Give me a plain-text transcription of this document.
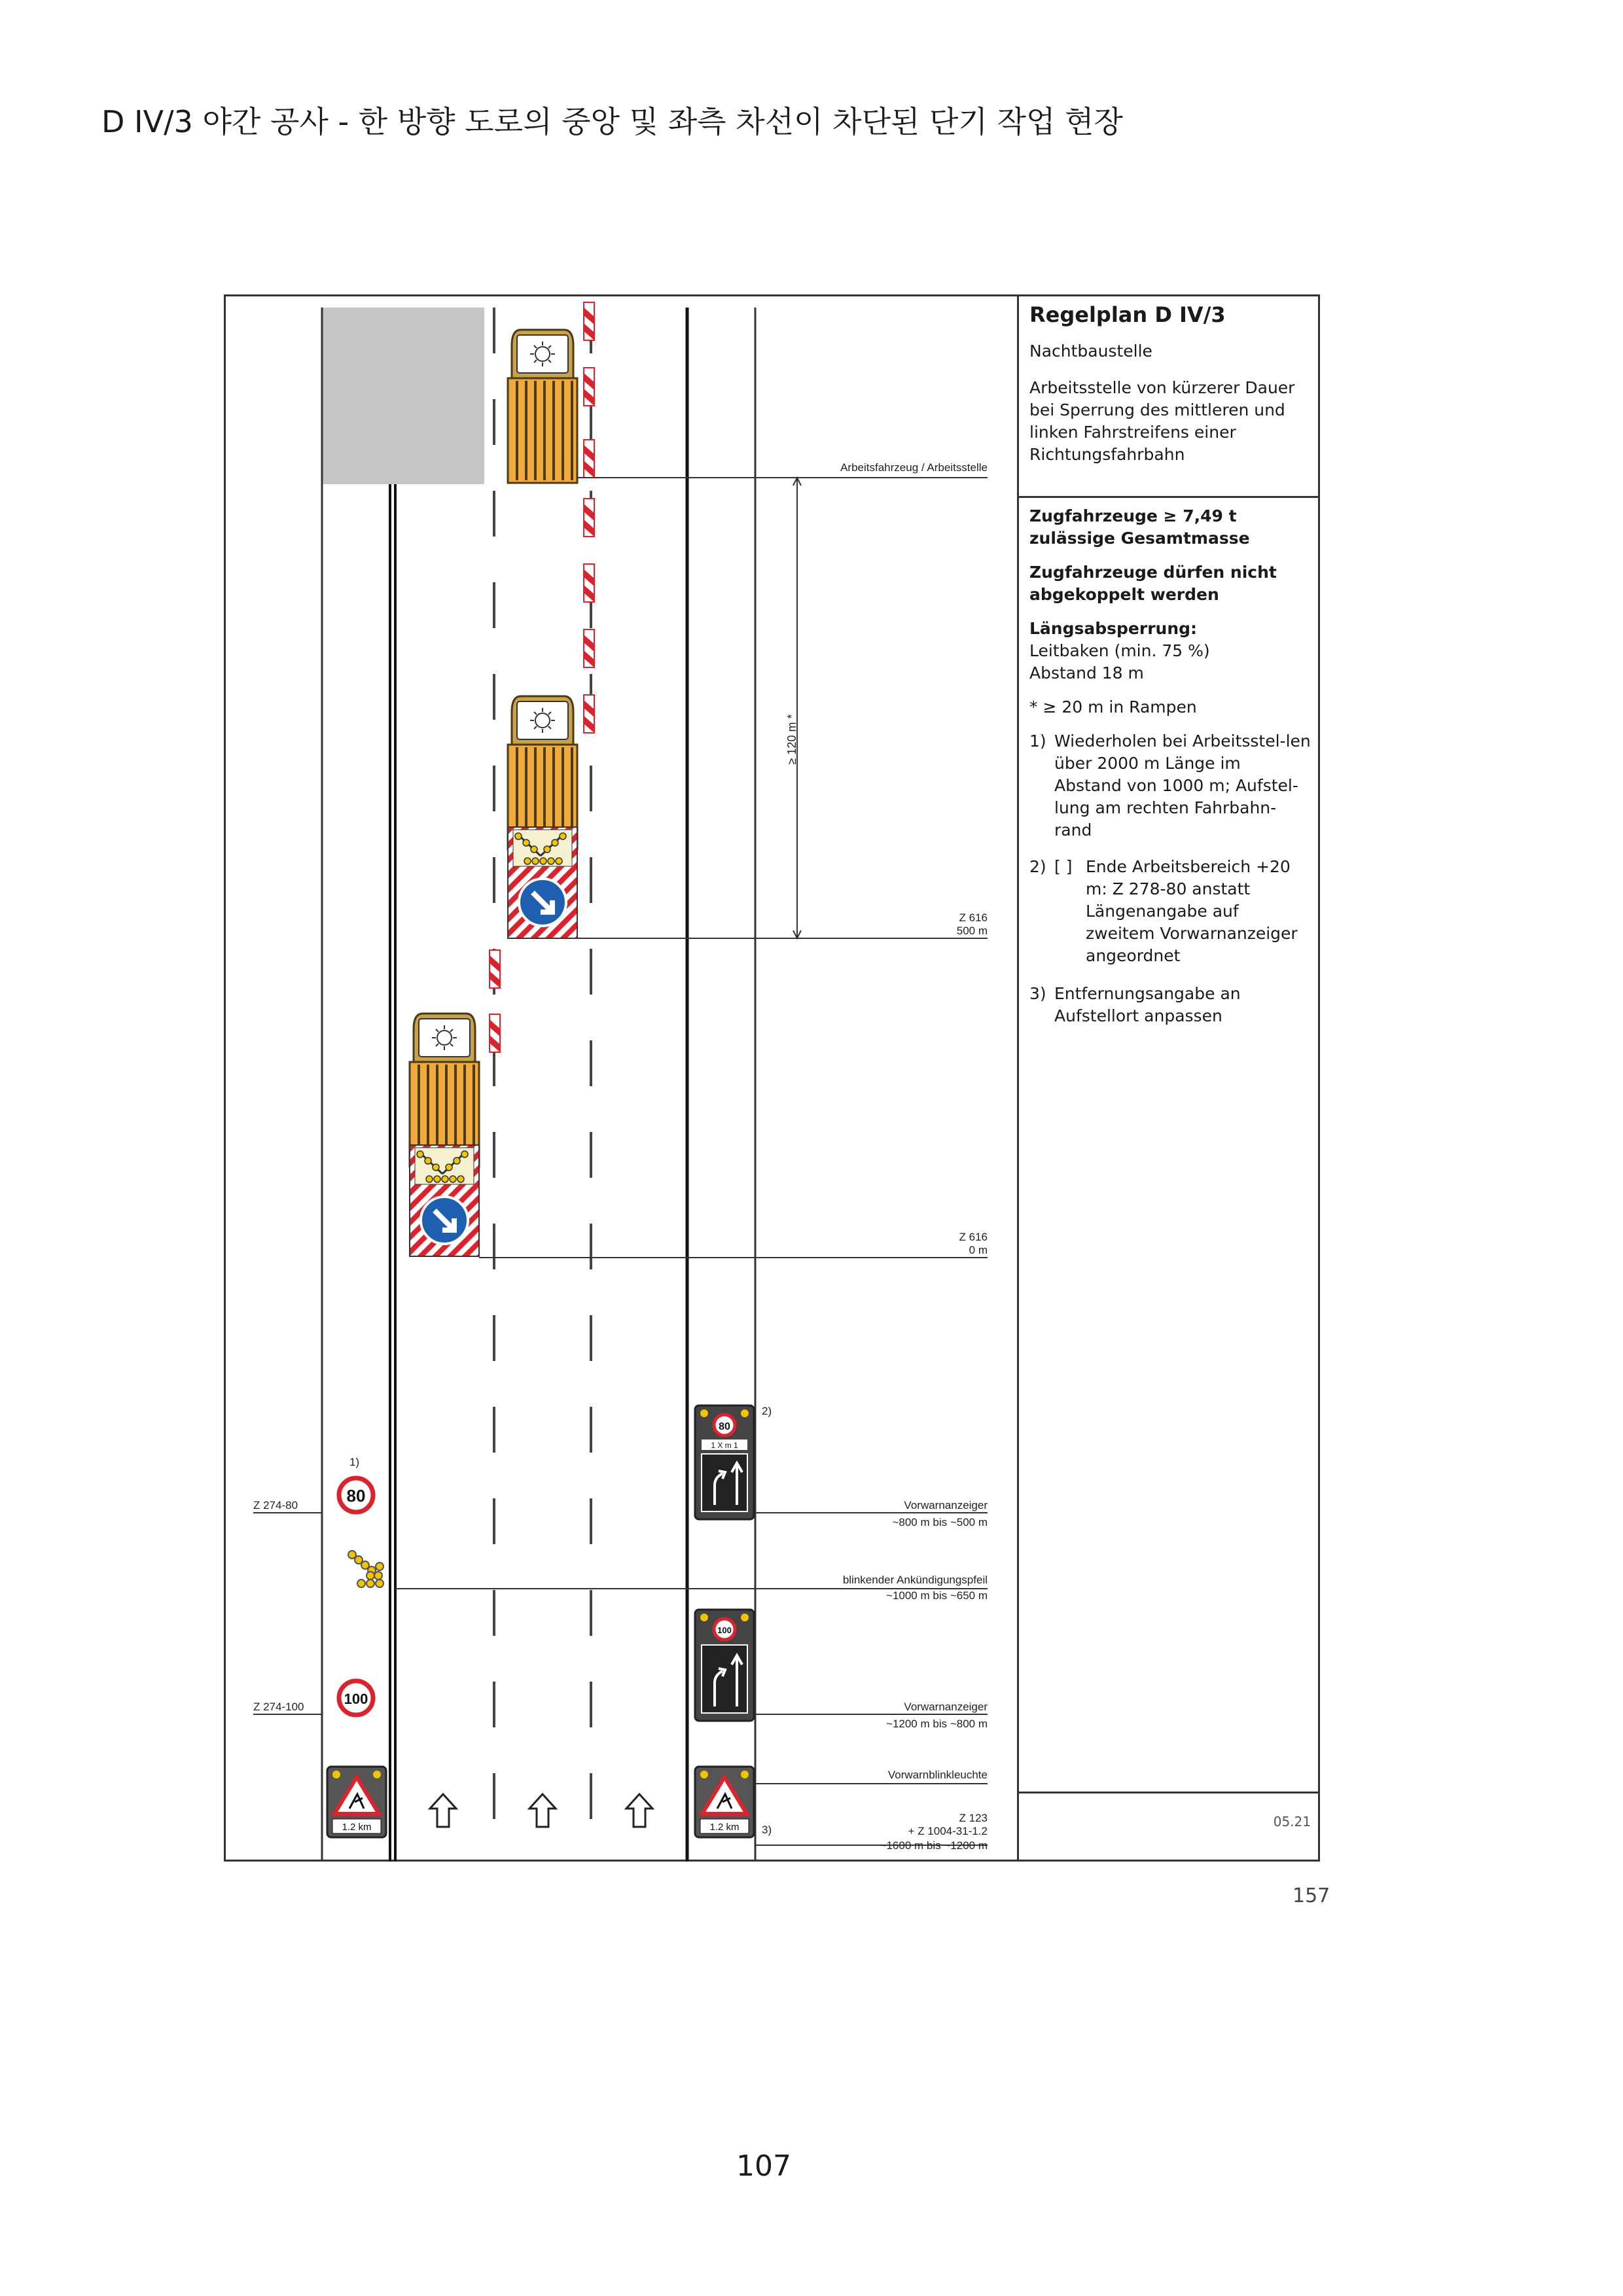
D IV/3 야간 공사 - 한 방향 도로의 중앙 및 좌측 차선이 차단된 단기 작업 현장
≥ 120 m *
Arbeitsfahrzeug / Arbeitsstelle
Z 616
500 m
Z 616
0 m
Vorwarnanzeiger
~800 m bis ~500 m
blinkender Ankündigungspfeil
~1000 m bis ~650 m
Vorwarnanzeiger
~1200 m bis ~800 m
Vorwarnblinkleuchte
Z 123
+ Z 1004-31-1.2
~1600 m bis ~1200 m
Z 274-80
Z 274-100
1)
2)
3)
80
100
1.2 km	1.2 km
80
1 X m 1
100
Regelplan D IV/3
Nachtbaustelle
Arbeitsstelle von kürzerer Dauer bei Sperrung des mittleren und linken Fahrstreifens einer Richtungsfahrbahn
Zugfahrzeuge ≥ 7,49 t zulässige Gesamtmasse
Zugfahrzeuge dürfen nicht abgekoppelt werden
Längsabsperrung:
Leitbaken (min. 75 %)
Abstand 18 m
* ≥ 20 m in Rampen
1) Wiederholen bei Arbeitsstel-len über 2000 m Länge im Abstand von 1000 m; Aufstel-lung am rechten Fahrbahn-rand
2) [ ] Ende Arbeitsbereich +20 m: Z 278-80 anstatt Längenangabe auf zweitem Vorwarnanzeiger angeordnet
3) Entfernungsangabe an Aufstellort anpassen
05.21
157
107
